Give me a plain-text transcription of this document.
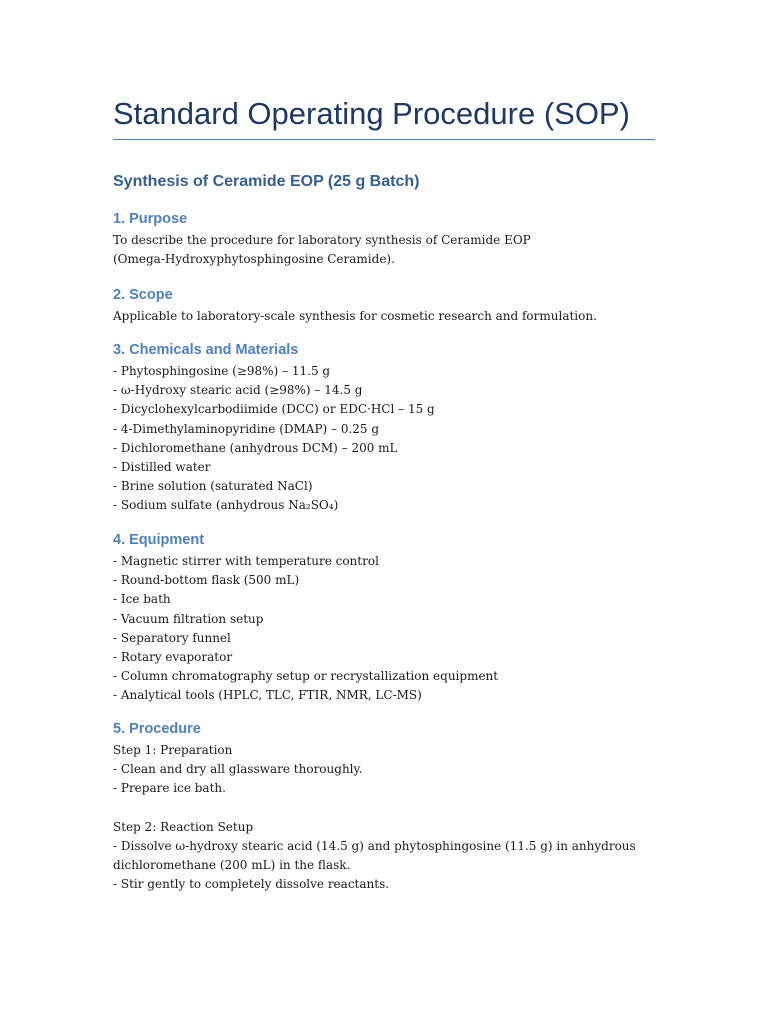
Standard Operating Procedure (SOP)
Synthesis of Ceramide EOP (25 g Batch)
1. Purpose

To describe the procedure for laboratory synthesis of Ceramide EOP (Omega-Hydroxyphytosphingosine Ceramide).

2. Scope

Applicable to laboratory-scale synthesis for cosmetic research and formulation.

3. Chemicals and Materials
- Phytosphingosine (≥98%) – 11.5 g
- ω-Hydroxy stearic acid (≥98%) – 14.5 g
- Dicyclohexylcarbodiimide (DCC) or EDC·HCl – 15 g
- 4-Dimethylaminopyridine (DMAP) – 0.25 g
- Dichloromethane (anhydrous DCM) – 200 mL
- Distilled water
- Brine solution (saturated NaCl)
- Sodium sulfate (anhydrous Na₂SO₄)
4. Equipment
- Magnetic stirrer with temperature control
- Round-bottom flask (500 mL)
- Ice bath
- Vacuum filtration setup
- Separatory funnel
- Rotary evaporator
- Column chromatography setup or recrystallization equipment
- Analytical tools (HPLC, TLC, FTIR, NMR, LC-MS)
5. Procedure
Step 1: Preparation
- Clean and dry all glassware thoroughly.
- Prepare ice bath.
Step 2: Reaction Setup
- Dissolve ω-hydroxy stearic acid (14.5 g) and phytosphingosine (11.5 g) in anhydrous
dichloromethane (200 mL) in the flask.
- Stir gently to completely dissolve reactants.
